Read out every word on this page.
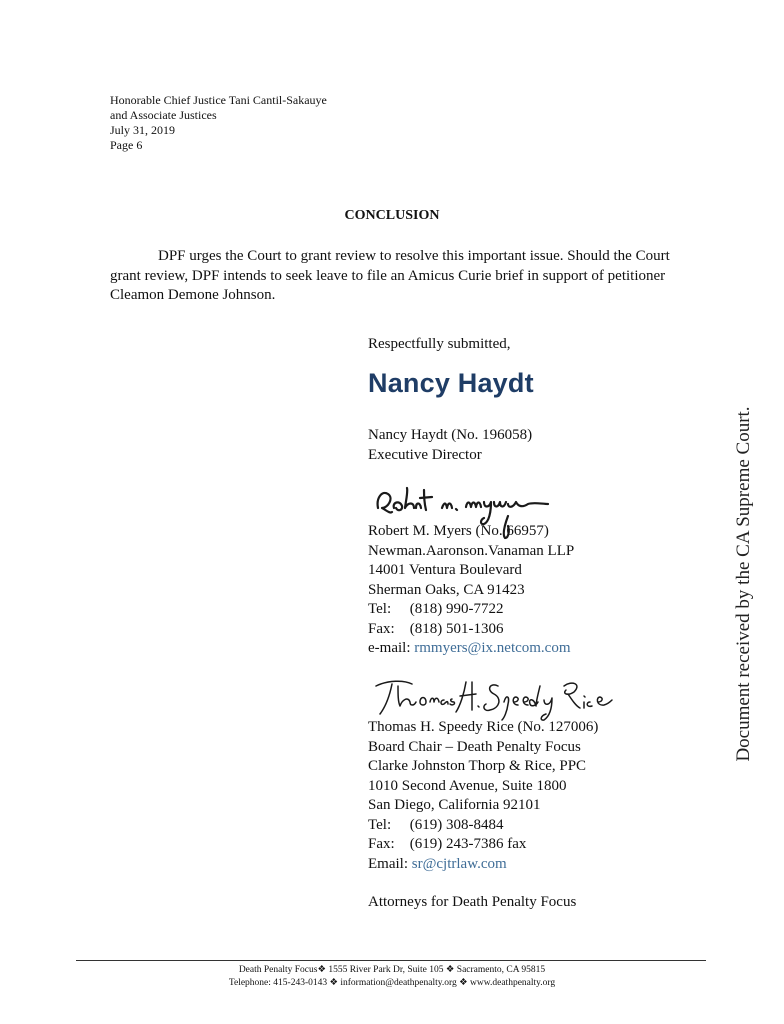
Honorable Chief Justice Tani Cantil-Sakauye
and Associate Justices
July 31, 2019
Page 6
CONCLUSION

DPF urges the Court to grant review to resolve this important issue. Should the Court grant review, DPF intends to seek leave to file an Amicus Curie brief in support of petitioner Cleamon Demone Johnson.

Respectfully submitted,
Nancy Haydt
Nancy Haydt (No. 196058)
Executive Director
Robert M. Myers (No. 66957)
Newman.Aaronson.Vanaman LLP
14001 Ventura Boulevard
Sherman Oaks, CA 91423
Tel: (818) 990-7722
Fax: (818) 501-1306
e-mail: rmmyers@ix.netcom.com
Thomas H. Speedy Rice (No. 127006)
Board Chair – Death Penalty Focus
Clarke Johnston Thorp & Rice, PPC
1010 Second Avenue, Suite 1800
San Diego, California 92101
Tel: (619) 308-8484
Fax: (619) 243-7386 fax
Email: sr@cjtrlaw.com
Attorneys for Death Penalty Focus
Document received by the CA Supreme Court.
Death Penalty Focus❖ 1555 River Park Dr, Suite 105 ❖ Sacramento, CA 95815
Telephone: 415-243-0143 ❖ information@deathpenalty.org ❖ www.deathpenalty.org
